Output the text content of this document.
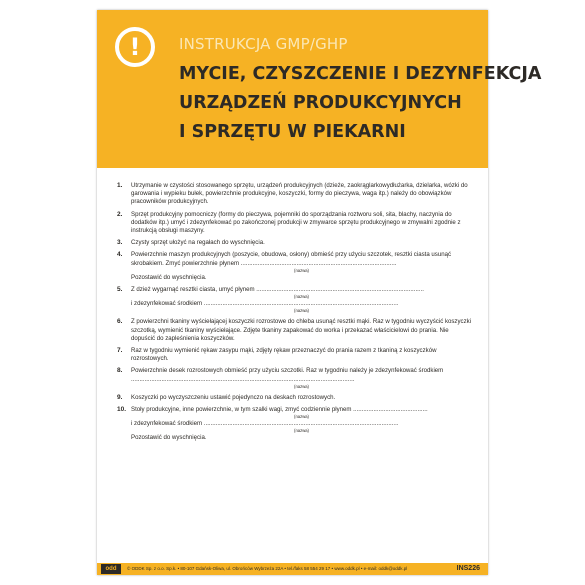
!	INSTRUKCJA GMP/GHP
MYCIE, CZYSZCZENIE I DEZYNFEKCJA
URZĄDZEŃ PRODUKCYJNYCH
I SPRZĘTU W PIEKARNI
1. Utrzymanie w czystości stosowanego sprzętu, urządzeń produkcyjnych (dzieże, zaokrąglarkowydłużarka, dzielarka, wózki do garowania i wypieku bułek, powierzchnie produkcyjne, koszyczki, formy do pieczywa, waga itp.) należy do obowiązków pracowników produkcyjnych.
2. Sprzęt produkcyjny pomocniczy (formy do pieczywa, pojemniki do sporządzania roztworu soli, sita, blachy, naczynia do dodatków itp.) umyć i zdezynfekować po zakończonej produkcji w zmywarce sprzętu produkcyjnego w zmywalni zgodnie z instrukcją obsługi maszyny.
3. Czysty sprzęt ułożyć na regałach do wyschnięcia.
4. Powierzchnie maszyn produkcyjnych (poszycie, obudowa, osłony) obmieść przy użyciu szczotek, resztki ciasta usunąć skrobakiem. Zmyć powierzchnie płynem ............................................................................................
(nazwa)
Pozostawić do wyschnięcia.
5. Z dzież wygarnąć resztki ciasta, umyć płynem ...................................................................................................
(nazwa)
i zdezynfekować środkiem ...................................................................................................................
(nazwa)
6. Z powierzchni tkaniny wyściełającej koszyczki rozrostowe do chleba usunąć resztki mąki. Raz w tygodniu wyczyścić koszyczki szczotką, wymienić tkaniny wyściełające. Zdjęte tkaniny zapakować do worka i przekazać właścicielowi do prania. Nie dopuścić do zapleśnienia koszyczków.
7. Raz w tygodniu wymienić rękaw zasypu mąki, zdjęty rękaw przeznaczyć do prania razem z tkaniną z koszyczków rozrostowych.
8. Powierzchnie desek rozrostowych obmieść przy użyciu szczotki. Raz w tygodniu należy je zdezynfekować środkiem ....................................................................................................................................
(nazwa)
9. Koszyczki po wyczyszczeniu ustawić pojedynczo na deskach rozrostowych.
10. Stoły produkcyjne, inne powierzchnie, w tym szalki wagi, zmyć codziennie płynem ............................................
(nazwa)
i zdezynfekować środkiem ...................................................................................................................
(nazwa)
Pozostawić do wyschnięcia.
odd	© ODDK Sp. z o.o. Sp.k. • 80-107 Gdańsk-Oliwa, ul. Obrońców Wybrzeża 22A • tel./faks 58 554 29 17 • www.oddk.pl • e-mail: oddk@oddk.pl	INS226
